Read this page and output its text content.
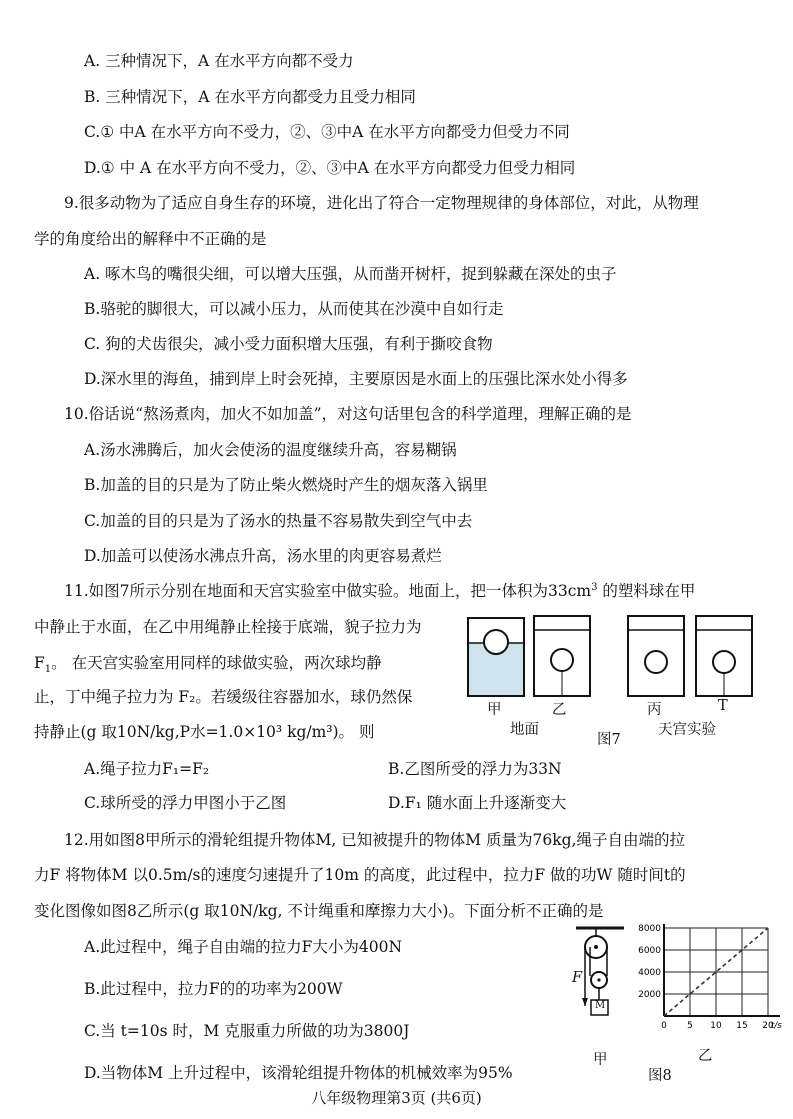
A. 三种情况下，A 在水平方向都不受力
B. 三种情况下，A 在水平方向都受力且受力相同
C.① 中A 在水平方向不受力，②、③中A 在水平方向都受力但受力不同
D.① 中 A 在水平方向不受力，②、③中A 在水平方向都受力但受力相同
9.很多动物为了适应自身生存的环境，进化出了符合一定物理规律的身体部位，对此，从物理
学的角度给出的解释中不正确的是
A. 啄木鸟的嘴很尖细，可以增大压强，从而凿开树杆，捉到躲藏在深处的虫子
B.骆驼的脚很大，可以减小压力，从而使其在沙漠中自如行走
C. 狗的犬齿很尖，减小受力面积增大压强，有利于撕咬食物
D.深水里的海鱼，捕到岸上时会死掉，主要原因是水面上的压强比深水处小得多
10.俗话说“熬汤煮肉，加火不如加盖”，对这句话里包含的科学道理，理解正确的是
A.汤水沸腾后，加火会使汤的温度继续升高，容易糊锅
B.加盖的目的只是为了防止柴火燃烧时产生的烟灰落入锅里
C.加盖的目的只是为了汤水的热量不容易散失到空气中去
D.加盖可以使汤水沸点升高，汤水里的肉更容易煮烂
11.如图7所示分别在地面和天宫实验室中做实验。地面上，把一体积为$33cm^3$ 的塑料球在甲
中静止于水面，在乙中用绳静止栓接于底端，貌子拉力为
$F_1$。 在天宫实验室用同样的球做实验，两次球均静
止，丁中绳子拉力为 F₂。若缓级往容器加水，球仍然保
持静止(g 取10N/kg,P水=1.0×10³ kg/m³)。 则
A.绳子拉力F₁=F₂	B.乙图所受的浮力为33N
C.球所受的浮力甲图小于乙图	D.F₁ 随水面上升逐渐变大
甲	乙	丙	T
地面
图7
天宫实验
12.用如图8甲所示的滑轮组提升物体M, 已知被提升的物体M 质量为76kg,绳子自由端的拉
力F 将物体M 以0.5m/s的速度匀速提升了10m 的高度，此过程中，拉力F 做的功W 随时间t的
变化图像如图8乙所示(g 取10N/kg, 不计绳重和摩擦力大小)。下面分析不正确的是
A.此过程中，绳子自由端的拉力F大小为400N
B.此过程中，拉力F的的功率为200W
C.当 t=10s 时，M 克服重力所做的功为3800J
D.当物体M 上升过程中，该滑轮组提升物体的机械效率为95%
8000
6000
4000
2000
0 5 10 15 20
t/s
F
M
甲	乙
图8
八年级物理第3页 (共6页)
